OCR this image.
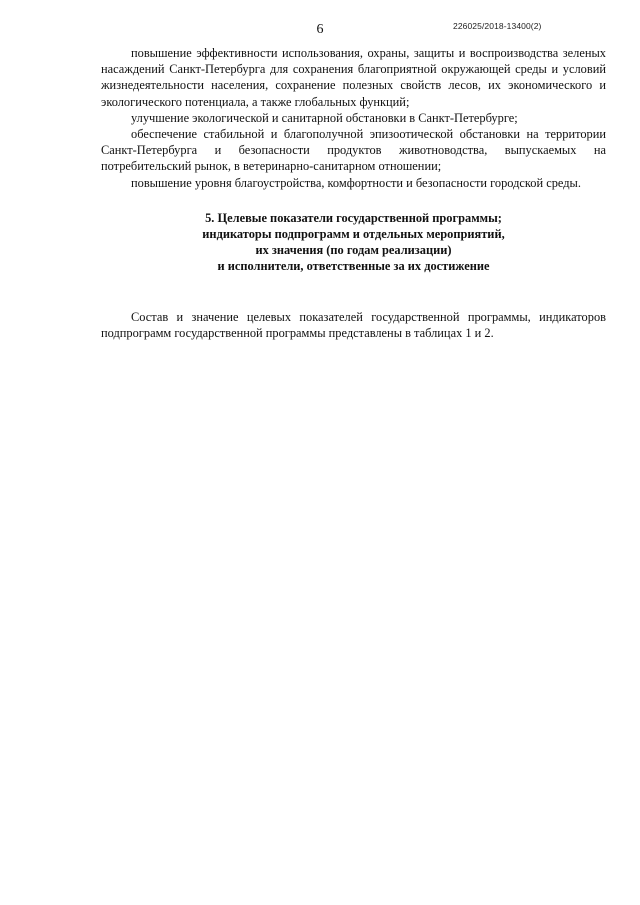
6	226025/2018-13400(2)

повышение эффективности использования, охраны, защиты и воспроизводства зеленых насаждений Санкт-Петербурга для сохранения благоприятной окружающей среды и условий жизнедеятельности населения, сохранение полезных свойств лесов, их экономического и экологического потенциала, а также глобальных функций;

улучшение экологической и санитарной обстановки в Санкт-Петербурге;

обеспечение стабильной и благополучной эпизоотической обстановки на территории Санкт-Петербурга и безопасности продуктов животноводства, выпускаемых на потребительский рынок, в ветеринарно-санитарном отношении;

повышение уровня благоустройства, комфортности и безопасности городской среды.

5. Целевые показатели государственной программы;
индикаторы подпрограмм и отдельных мероприятий,
их значения (по годам реализации)
и исполнители, ответственные за их достижение

Состав и значение целевых показателей государственной программы, индикаторов подпрограмм государственной программы представлены в таблицах 1 и 2.
